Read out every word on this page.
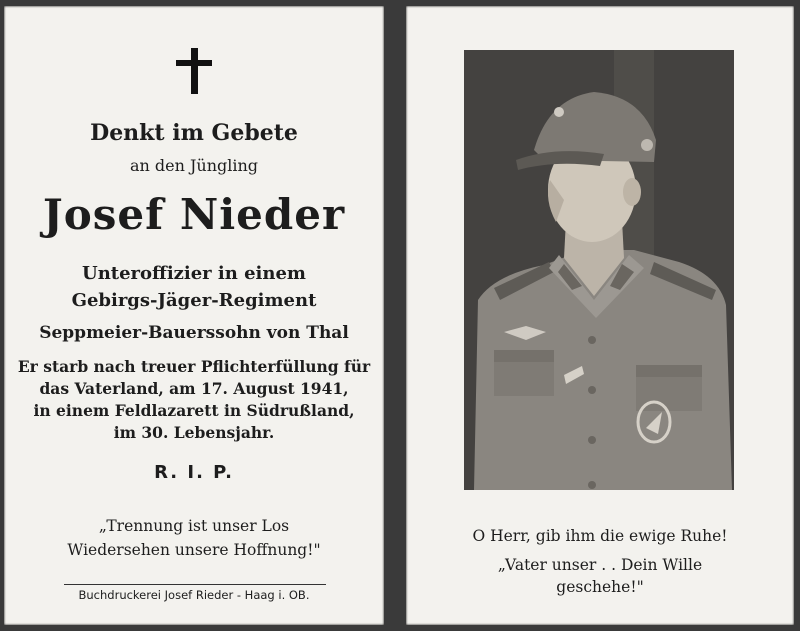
Denkt im Gebete
an den Jüngling
Josef Nieder
Unteroffizier in einem
Gebirgs-Jäger-Regiment
Seppmeier-Bauerssohn von Thal
Er starb nach treuer Pflichterfüllung für
das Vaterland, am 17. August 1941,
in einem Feldlazarett in Südrußland,
im 30. Lebensjahr.
R. I. P.
„Trennung ist unser Los
Wiedersehen unsere Hoffnung!"
Buchdruckerei Josef Rieder - Haag i. OB.
O Herr, gib ihm die ewige Ruhe!
„Vater unser . . Dein Wille
geschehe!"
